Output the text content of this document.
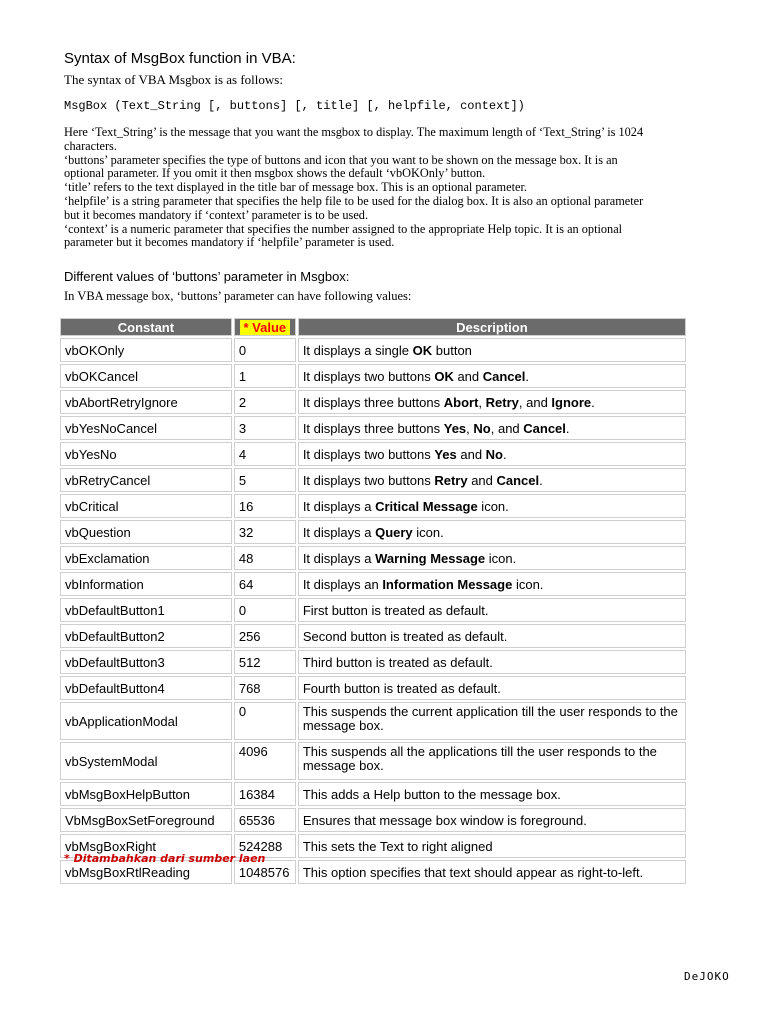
Syntax of MsgBox function in VBA:

The syntax of VBA Msgbox is as follows:

MsgBox (Text_String [, buttons] [, title] [, helpfile, context])

Here ‘Text_String’ is the message that you want the msgbox to display. The maximum length of ‘Text_String’ is 1024
characters.
‘buttons’ parameter specifies the type of buttons and icon that you want to be shown on the message box. It is an
optional parameter. If you omit it then msgbox shows the default ‘vbOKOnly’ button.
‘title’ refers to the text displayed in the title bar of message box. This is an optional parameter.
‘helpfile’ is a string parameter that specifies the help file to be used for the dialog box. It is also an optional parameter
but it becomes mandatory if ‘context’ parameter is to be used.
‘context’ is a numeric parameter that specifies the number assigned to the appropriate Help topic. It is an optional
parameter but it becomes mandatory if ‘helpfile’ parameter is used.
Different values of ‘buttons’ parameter in Msgbox:

In VBA message box, ‘buttons’ parameter can have following values:

Constant	* Value	Description
vbOKOnly	0	It displays a single OK button
vbOKCancel	1	It displays two buttons OK and Cancel.
vbAbortRetryIgnore	2	It displays three buttons Abort, Retry, and Ignore.
vbYesNoCancel	3	It displays three buttons Yes, No, and Cancel.
vbYesNo	4	It displays two buttons Yes and No.
vbRetryCancel	5	It displays two buttons Retry and Cancel.
vbCritical	16	It displays a Critical Message icon.
vbQuestion	32	It displays a Query icon.
vbExclamation	48	It displays a Warning Message icon.
vbInformation	64	It displays an Information Message icon.
vbDefaultButton1	0	First button is treated as default.
vbDefaultButton2	256	Second button is treated as default.
vbDefaultButton3	512	Third button is treated as default.
vbDefaultButton4	768	Fourth button is treated as default.
vbApplicationModal	0	This suspends the current application till the user responds to the message box.
vbSystemModal	4096	This suspends all the applications till the user responds to the message box.
vbMsgBoxHelpButton	16384	This adds a Help button to the message box.
VbMsgBoxSetForeground	65536	Ensures that message box window is foreground.
vbMsgBoxRight	524288	This sets the Text to right aligned
vbMsgBoxRtlReading	1048576	This option specifies that text should appear as right-to-left.

* Ditambahkan dari sumber laen

DeJOKO
